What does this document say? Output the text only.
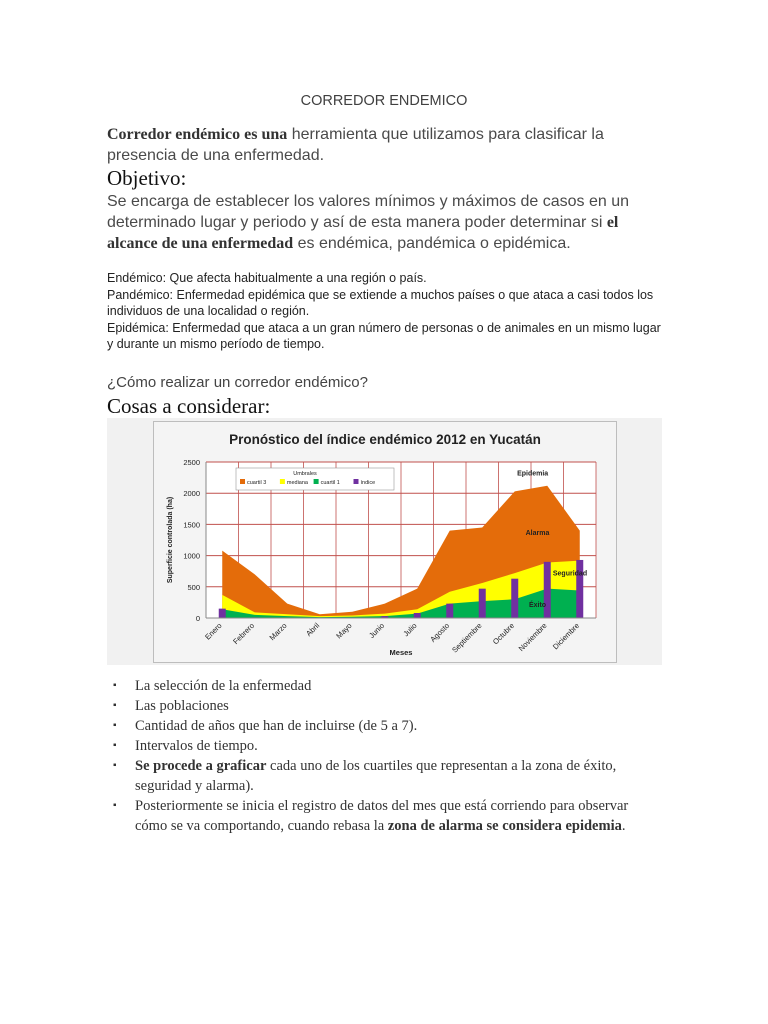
CORREDOR ENDEMICO
Corredor endémico es una herramienta que utilizamos para clasificar la presencia de una enfermedad.
Objetivo:
Se encarga de establecer los valores mínimos y máximos de casos en un determinado lugar y periodo y así de esta manera poder determinar si el alcance de una enfermedad es endémica, pandémica o epidémica.
Endémico: Que afecta habitualmente a una región o país.
Pandémico: Enfermedad epidémica que se extiende a muchos países o que ataca a casi todos los individuos de una localidad o región.
Epidémica: Enfermedad que ataca a un gran número de personas o de animales en un mismo lugar y durante un mismo período de tiempo.
¿Cómo realizar un corredor endémico?
Cosas a considerar:
Pronóstico del índice endémico 2012 en Yucatán
0
500
1000
1500
2000
2500
Enero Febrero Marzo Abril Mayo Junio Julio Agosto Septiembre Octubre Noviembre Diciembre
Meses
Superficie controlada (ha)
Umbrales
cuartil 3	mediana cuartil 1	índice
Epidemia
Alarma
Seguridad
Éxito
▪ La selección de la enfermedad
▪ Las poblaciones
▪ Cantidad de años que han de incluirse (de 5 a 7).
▪ Intervalos de tiempo.
▪ Se procede a graficar cada uno de los cuartiles que representan a la zona de éxito, seguridad y alarma).
▪ Posteriormente se inicia el registro de datos del mes que está corriendo para observar cómo se va comportando, cuando rebasa la zona de alarma se considera epidemia.
